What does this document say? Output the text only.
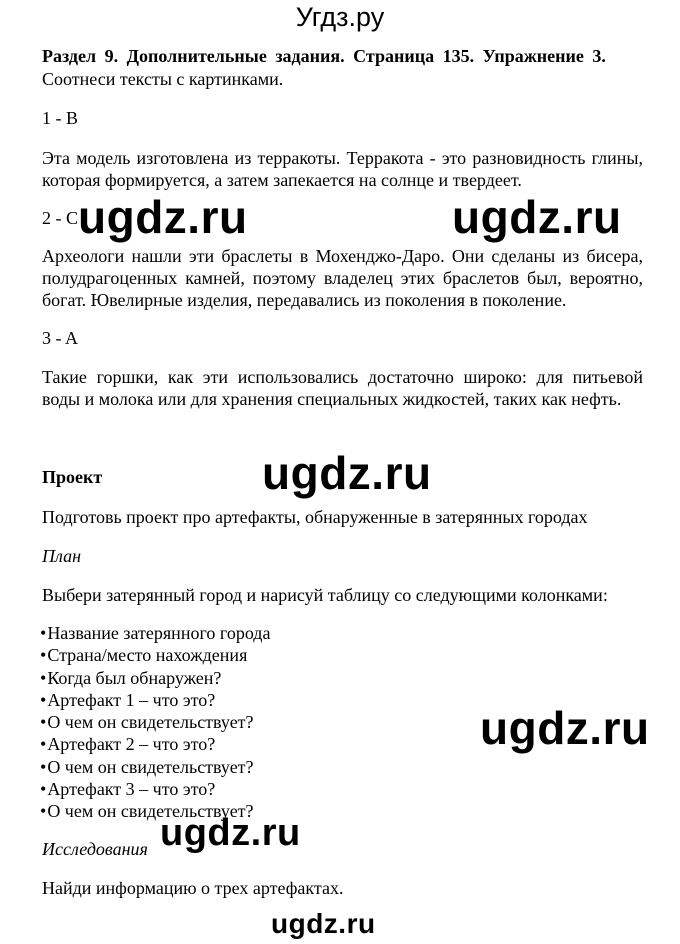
Угдз.ру
Раздел 9. Дополнительные задания. Страница 135. Упражнение 3.
Соотнеси тексты с картинками.
1 - B
Эта модель изготовлена из терракоты. Терракота - это разновидность глины,
которая формируется, а затем запекается на солнце и твердеет.
2 - C
Археологи нашли эти браслеты в Мохенджо-Даро. Они сделаны из бисера,
полудрагоценных камней, поэтому владелец этих браслетов был, вероятно,
богат. Ювелирные изделия, передавались из поколения в поколение.
3 - A
Такие горшки, как эти использовались достаточно широко: для питьевой
воды и молока или для хранения специальных жидкостей, таких как нефть.
Проект
Подготовь проект про артефакты, обнаруженные в затерянных городах
План
Выбери затерянный город и нарисуй таблицу со следующими колонками:
• Название затерянного города
• Страна/место нахождения
• Когда был обнаружен?
• Артефакт 1 – что это?
• О чем он свидетельствует?
• Артефакт 2 – что это?
• О чем он свидетельствует?
• Артефакт 3 – что это?
• О чем он свидетельствует?
Исследования
Найди информацию о трех артефактах.
ugdz.ru	ugdz.ru
ugdz.ru
ugdz.ru
ugdz.ru
ugdz.ru
